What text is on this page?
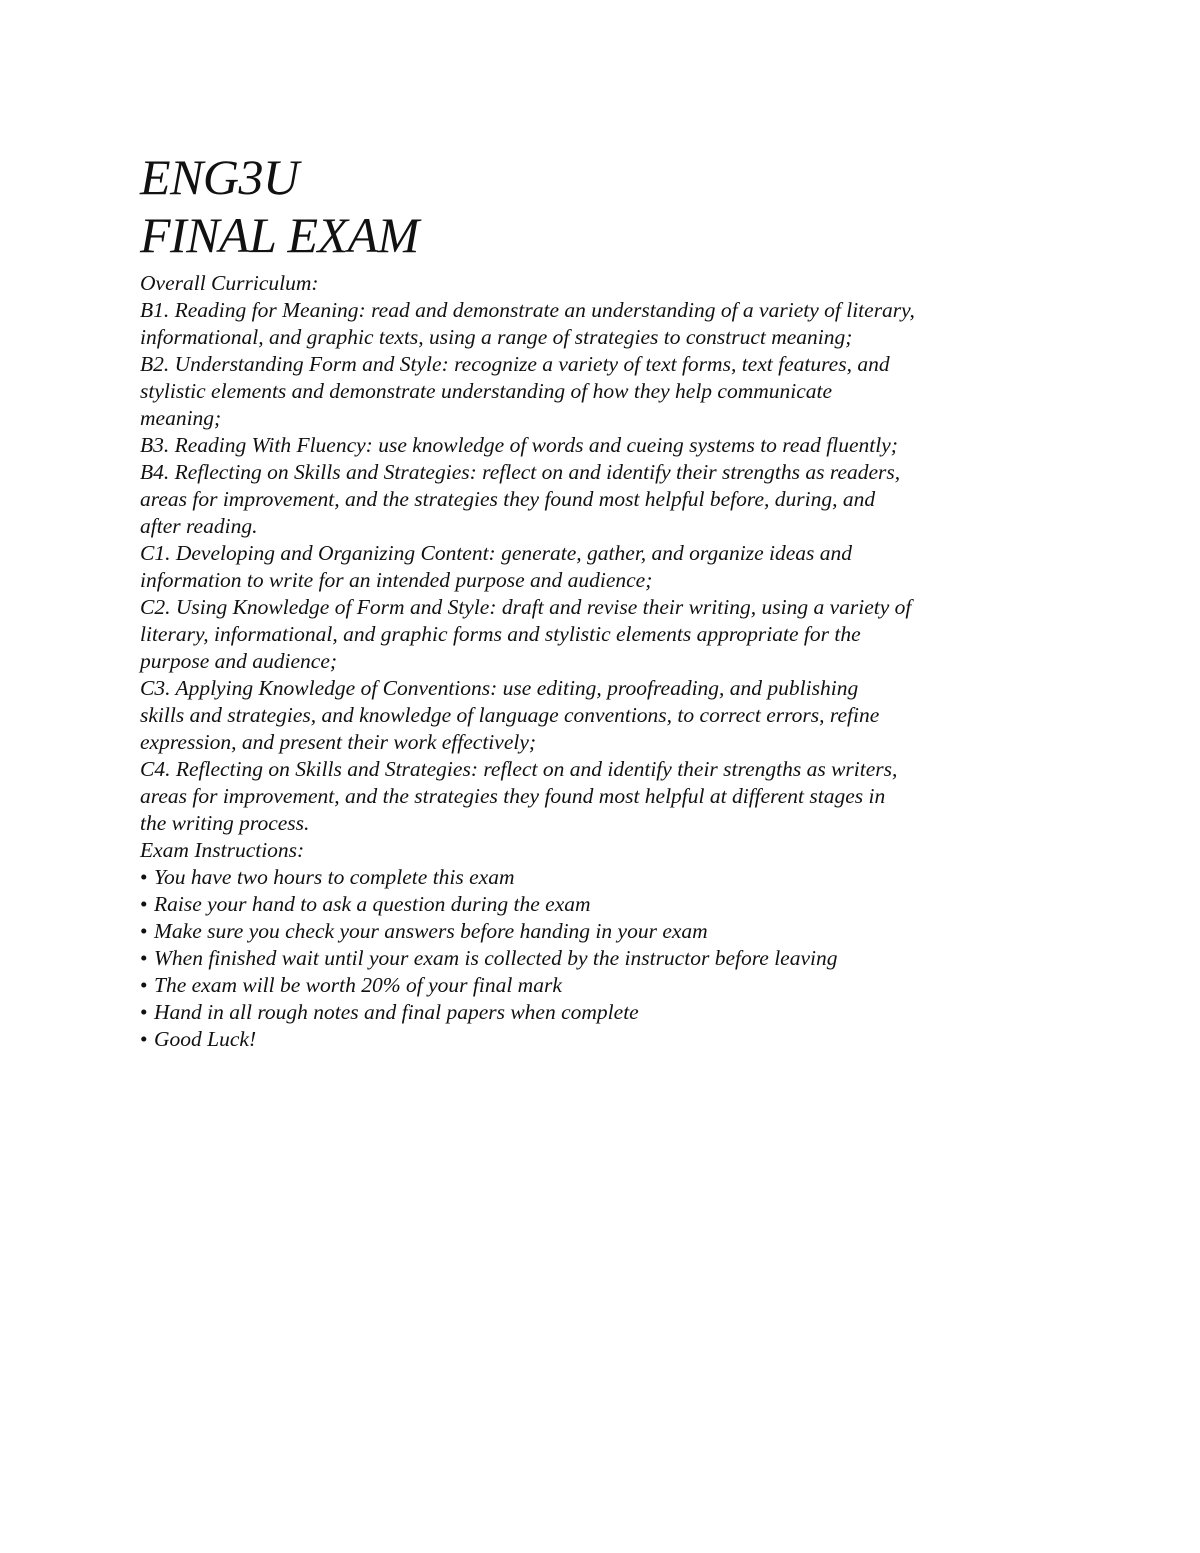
ENG3U
FINAL EXAM
Overall Curriculum:
B1. Reading for Meaning: read and demonstrate an understanding of a variety of literary,
informational, and graphic texts, using a range of strategies to construct meaning;
B2. Understanding Form and Style: recognize a variety of text forms, text features, and
stylistic elements and demonstrate understanding of how they help communicate
meaning;
B3. Reading With Fluency: use knowledge of words and cueing systems to read fluently;
B4. Reflecting on Skills and Strategies: reflect on and identify their strengths as readers,
areas for improvement, and the strategies they found most helpful before, during, and
after reading.
C1. Developing and Organizing Content: generate, gather, and organize ideas and
information to write for an intended purpose and audience;
C2. Using Knowledge of Form and Style: draft and revise their writing, using a variety of
literary, informational, and graphic forms and stylistic elements appropriate for the
purpose and audience;
C3. Applying Knowledge of Conventions: use editing, proofreading, and publishing
skills and strategies, and knowledge of language conventions, to correct errors, refine
expression, and present their work effectively;
C4. Reflecting on Skills and Strategies: reflect on and identify their strengths as writers,
areas for improvement, and the strategies they found most helpful at different stages in
the writing process.
Exam Instructions:
• You have two hours to complete this exam
• Raise your hand to ask a question during the exam
• Make sure you check your answers before handing in your exam
• When finished wait until your exam is collected by the instructor before leaving
• The exam will be worth 20% of your final mark
• Hand in all rough notes and final papers when complete
• Good Luck!
